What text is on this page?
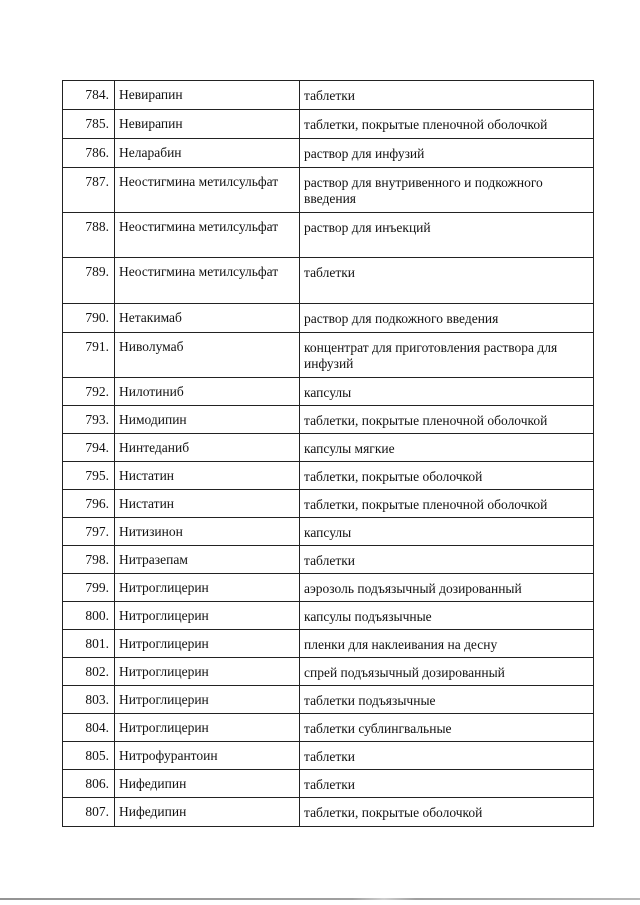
784.	Невирапин	таблетки
785.	Невирапин	таблетки, покрытые пленочной оболочкой
786.	Неларабин	раствор для инфузий
787.	Неостигмина метилсульфат	раствор для внутривенного и подкожного введения
788.	Неостигмина метилсульфат	раствор для инъекций
789.	Неостигмина метилсульфат	таблетки
790.	Нетакимаб	раствор для подкожного введения
791.	Ниволумаб	концентрат для приготовления раствора для инфузий
792.	Нилотиниб	капсулы
793.	Нимодипин	таблетки, покрытые пленочной оболочкой
794.	Нинтеданиб	капсулы мягкие
795.	Нистатин	таблетки, покрытые оболочкой
796.	Нистатин	таблетки, покрытые пленочной оболочкой
797.	Нитизинон	капсулы
798.	Нитразепам	таблетки
799.	Нитроглицерин	аэрозоль подъязычный дозированный
800.	Нитроглицерин	капсулы подъязычные
801.	Нитроглицерин	пленки для наклеивания на десну
802.	Нитроглицерин	спрей подъязычный дозированный
803.	Нитроглицерин	таблетки подъязычные
804.	Нитроглицерин	таблетки сублингвальные
805.	Нитрофурантоин	таблетки
806.	Нифедипин	таблетки
807.	Нифедипин	таблетки, покрытые оболочкой
